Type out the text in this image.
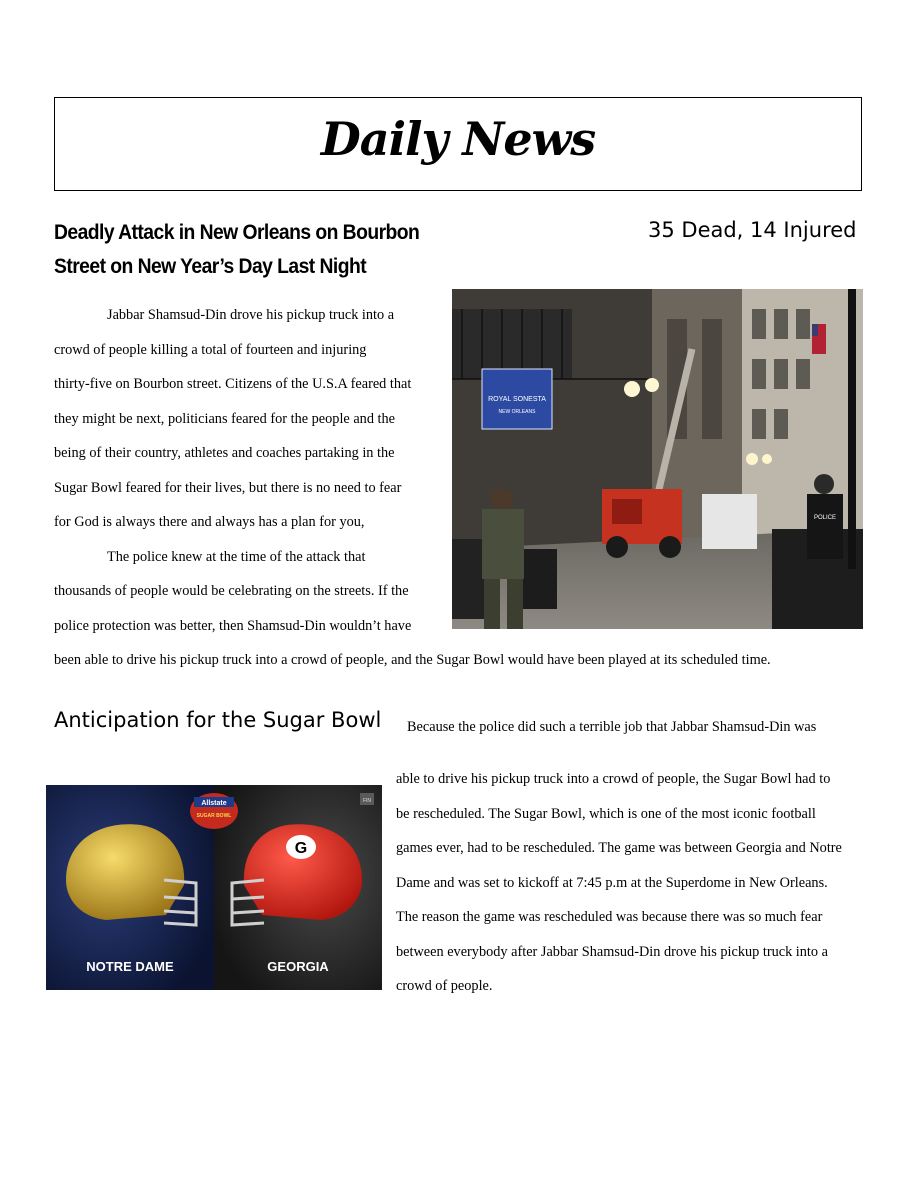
Daily News
Deadly Attack in New Orleans on Bourbon
Street on New Year’s Day Last Night
35 Dead, 14 Injured
Jabbar Shamsud-Din drove his pickup truck into a
crowd of people killing a total of fourteen and injuring
thirty-five on Bourbon street. Citizens of the U.S.A feared that
they might be next, politicians feared for the people and the
being of their country, athletes and coaches partaking in the
Sugar Bowl feared for their lives, but there is no need to fear
for God is always there and always has a plan for you,
The police knew at the time of the attack that
thousands of people would be celebrating on the streets. If the
police protection was better, then Shamsud-Din wouldn’t have
been able to drive his pickup truck into a crowd of people, and the Sugar Bowl would have been played at its scheduled time.
ROYAL SONESTA
NEW ORLEANS
POLICE
Anticipation for the Sugar Bowl Because the police did such a terrible job that Jabbar Shamsud-Din was
able to drive his pickup truck into a crowd of people, the Sugar Bowl had to
be rescheduled. The Sugar Bowl, which is one of the most iconic football
games ever, had to be rescheduled. The game was between Georgia and Notre
Dame and was set to kickoff at 7:45 p.m at the Superdome in New Orleans.
The reason the game was rescheduled was because there was so much fear
between everybody after Jabbar Shamsud-Din drove his pickup truck into a
crowd of people.
Allstate
SUGAR BOWL
FIN
G
NOTRE DAME	GEORGIA
